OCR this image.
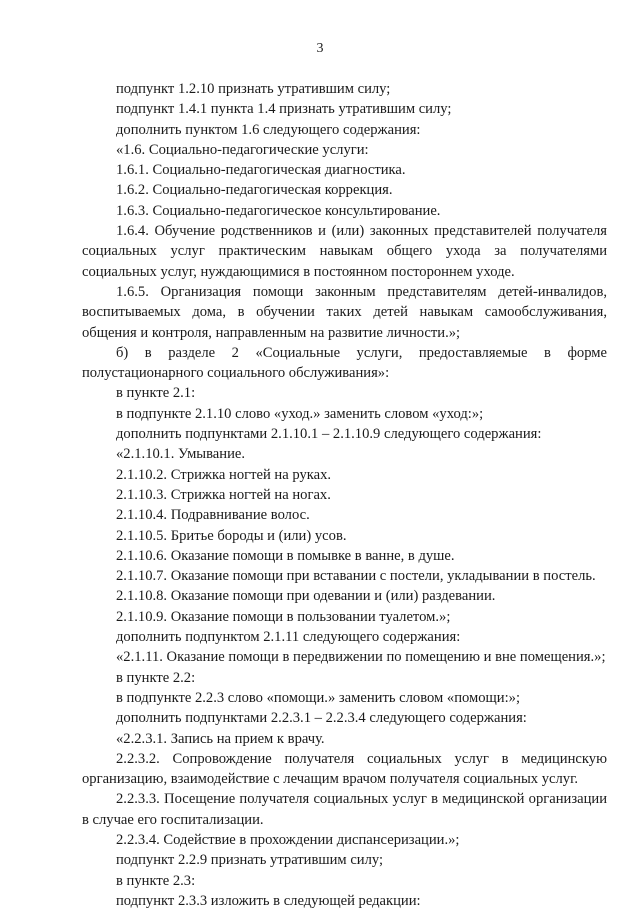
3
подпункт 1.2.10 признать утратившим силу;
подпункт 1.4.1 пункта 1.4 признать утратившим силу;
дополнить пунктом 1.6 следующего содержания:
«1.6. Социально-педагогические услуги:
1.6.1. Социально-педагогическая диагностика.
1.6.2. Социально-педагогическая коррекция.
1.6.3. Социально-педагогическое консультирование.
1.6.4. Обучение родственников и (или) законных представителей получателя социальных услуг практическим навыкам общего ухода за получателями социальных услуг, нуждающимися в постоянном постороннем уходе.
1.6.5. Организация помощи законным представителям детей-инвалидов, воспитываемых дома, в обучении таких детей навыкам самообслуживания, общения и контроля, направленным на развитие личности.»;
б) в разделе 2 «Социальные услуги, предоставляемые в форме полустационарного социального обслуживания»:
в пункте 2.1:
в подпункте 2.1.10 слово «уход.» заменить словом «уход:»;
дополнить подпунктами 2.1.10.1 – 2.1.10.9 следующего содержания:
«2.1.10.1. Умывание.
2.1.10.2. Стрижка ногтей на руках.
2.1.10.3. Стрижка ногтей на ногах.
2.1.10.4. Подравнивание волос.
2.1.10.5. Бритье бороды и (или) усов.
2.1.10.6. Оказание помощи в помывке в ванне, в душе.
2.1.10.7. Оказание помощи при вставании с постели, укладывании в постель.
2.1.10.8. Оказание помощи при одевании и (или) раздевании.
2.1.10.9. Оказание помощи в пользовании туалетом.»;
дополнить подпунктом 2.1.11 следующего содержания:
«2.1.11. Оказание помощи в передвижении по помещению и вне помещения.»;
в пункте 2.2:
в подпункте 2.2.3 слово «помощи.» заменить словом «помощи:»;
дополнить подпунктами 2.2.3.1 – 2.2.3.4 следующего содержания:
«2.2.3.1. Запись на прием к врачу.
2.2.3.2. Сопровождение получателя социальных услуг в медицинскую организацию, взаимодействие с лечащим врачом получателя социальных услуг.
2.2.3.3. Посещение получателя социальных услуг в медицинской организации в случае его госпитализации.
2.2.3.4. Содействие в прохождении диспансеризации.»;
подпункт 2.2.9 признать утратившим силу;
в пункте 2.3:
подпункт 2.3.3 изложить в следующей редакции:
